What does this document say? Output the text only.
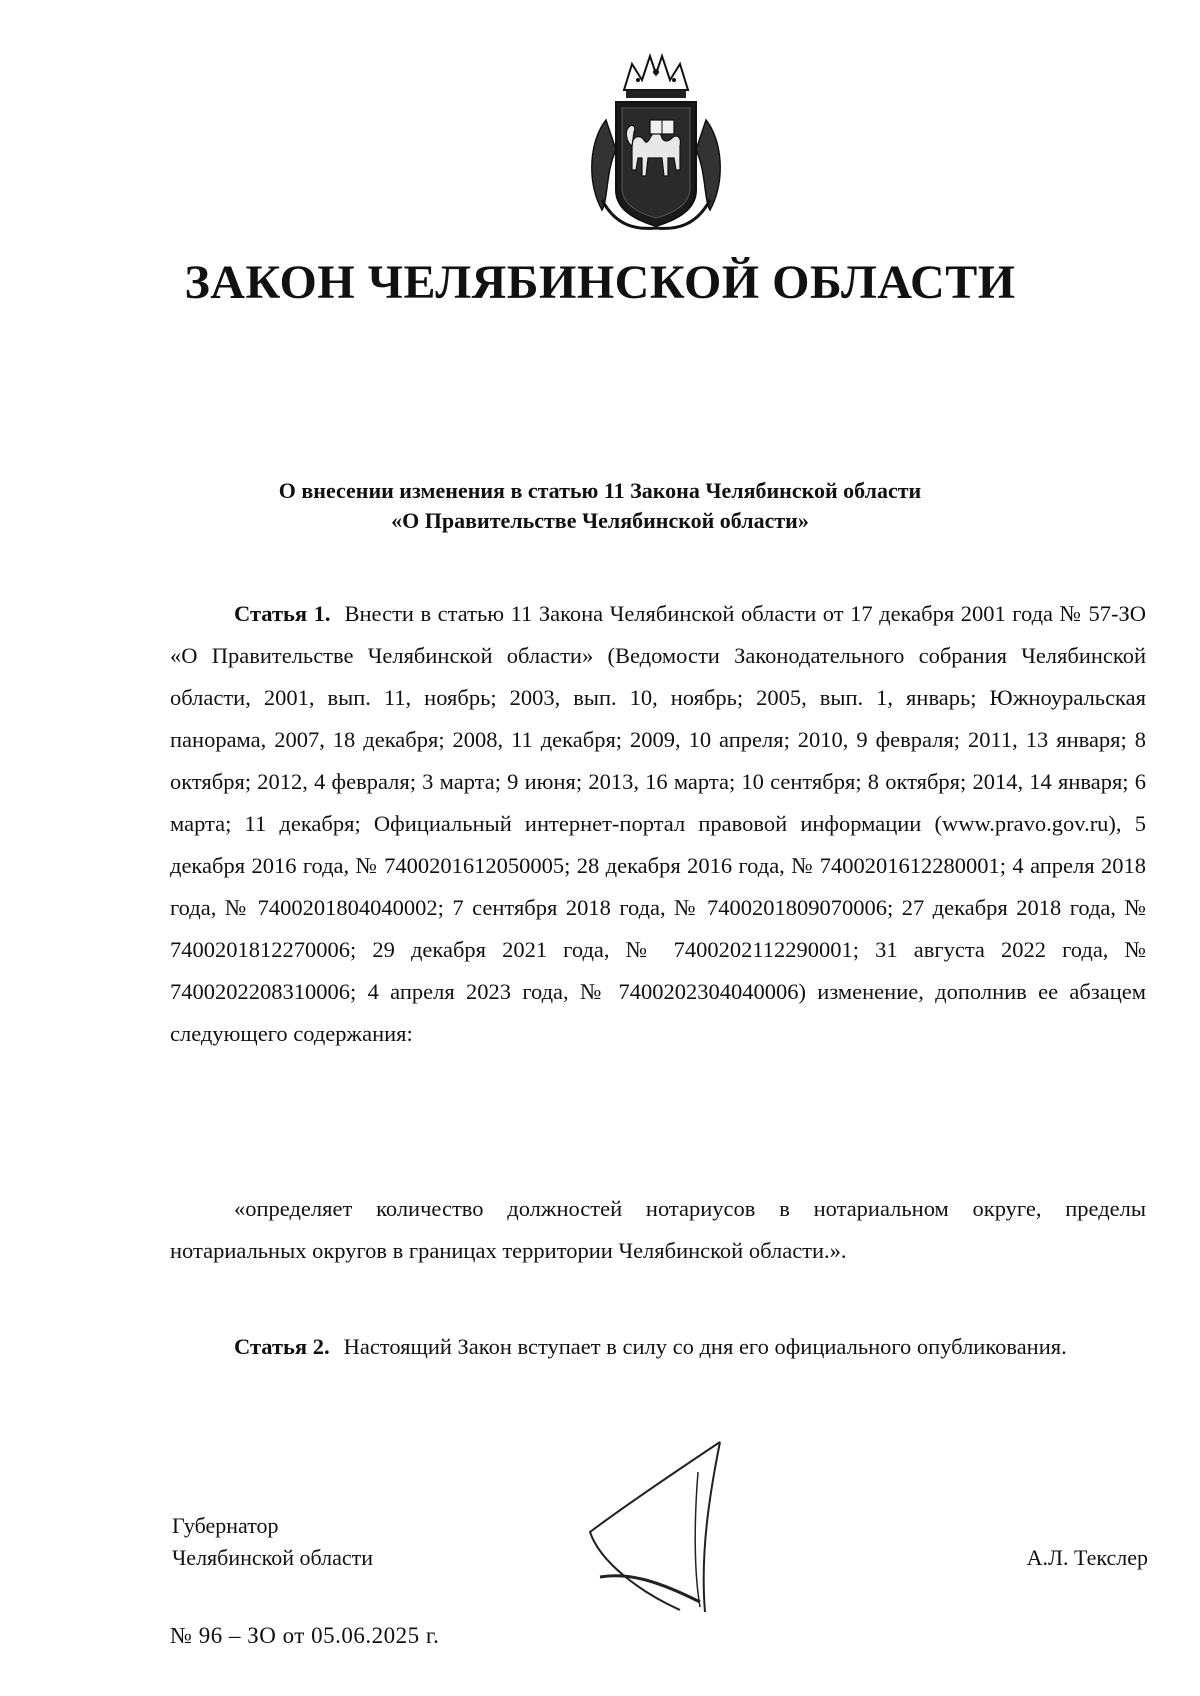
ЗАКОН ЧЕЛЯБИНСКОЙ ОБЛАСТИ
О внесении изменения в статью 11 Закона Челябинской области
«О Правительстве Челябинской области»

Статья 1. Внести в статью 11 Закона Челябинской области от 17 декабря 2001 года № 57-ЗО «О Правительстве Челябинской области» (Ведомости Законодательного собрания Челябинской области, 2001, вып. 11, ноябрь; 2003, вып. 10, ноябрь; 2005, вып. 1, январь; Южноуральская панорама, 2007, 18 декабря; 2008, 11 декабря; 2009, 10 апреля; 2010, 9 февраля; 2011, 13 января; 8 октября; 2012, 4 февраля; 3 марта; 9 июня; 2013, 16 марта; 10 сентября; 8 октября; 2014, 14 января; 6 марта; 11 декабря; Официальный интернет-портал правовой информации (www.pravo.gov.ru), 5 декабря 2016 года, № 7400201612050005; 28 декабря 2016 года, № 7400201612280001; 4 апреля 2018 года, № 7400201804040002; 7 сентября 2018 года, № 7400201809070006; 27 декабря 2018 года, № 7400201812270006; 29 декабря 2021 года, № 7400202112290001; 31 августа 2022 года, № 7400202208310006; 4 апреля 2023 года, № 7400202304040006) изменение, дополнив ее абзацем следующего содержания:

«определяет количество должностей нотариусов в нотариальном округе, пределы нотариальных округов в границах территории Челябинской области.».

Статья 2. Настоящий Закон вступает в силу со дня его официального опубликования.

Губернатор
Челябинской области	А.Л. Текслер
№ 96 – ЗО от 05.06.2025 г.
